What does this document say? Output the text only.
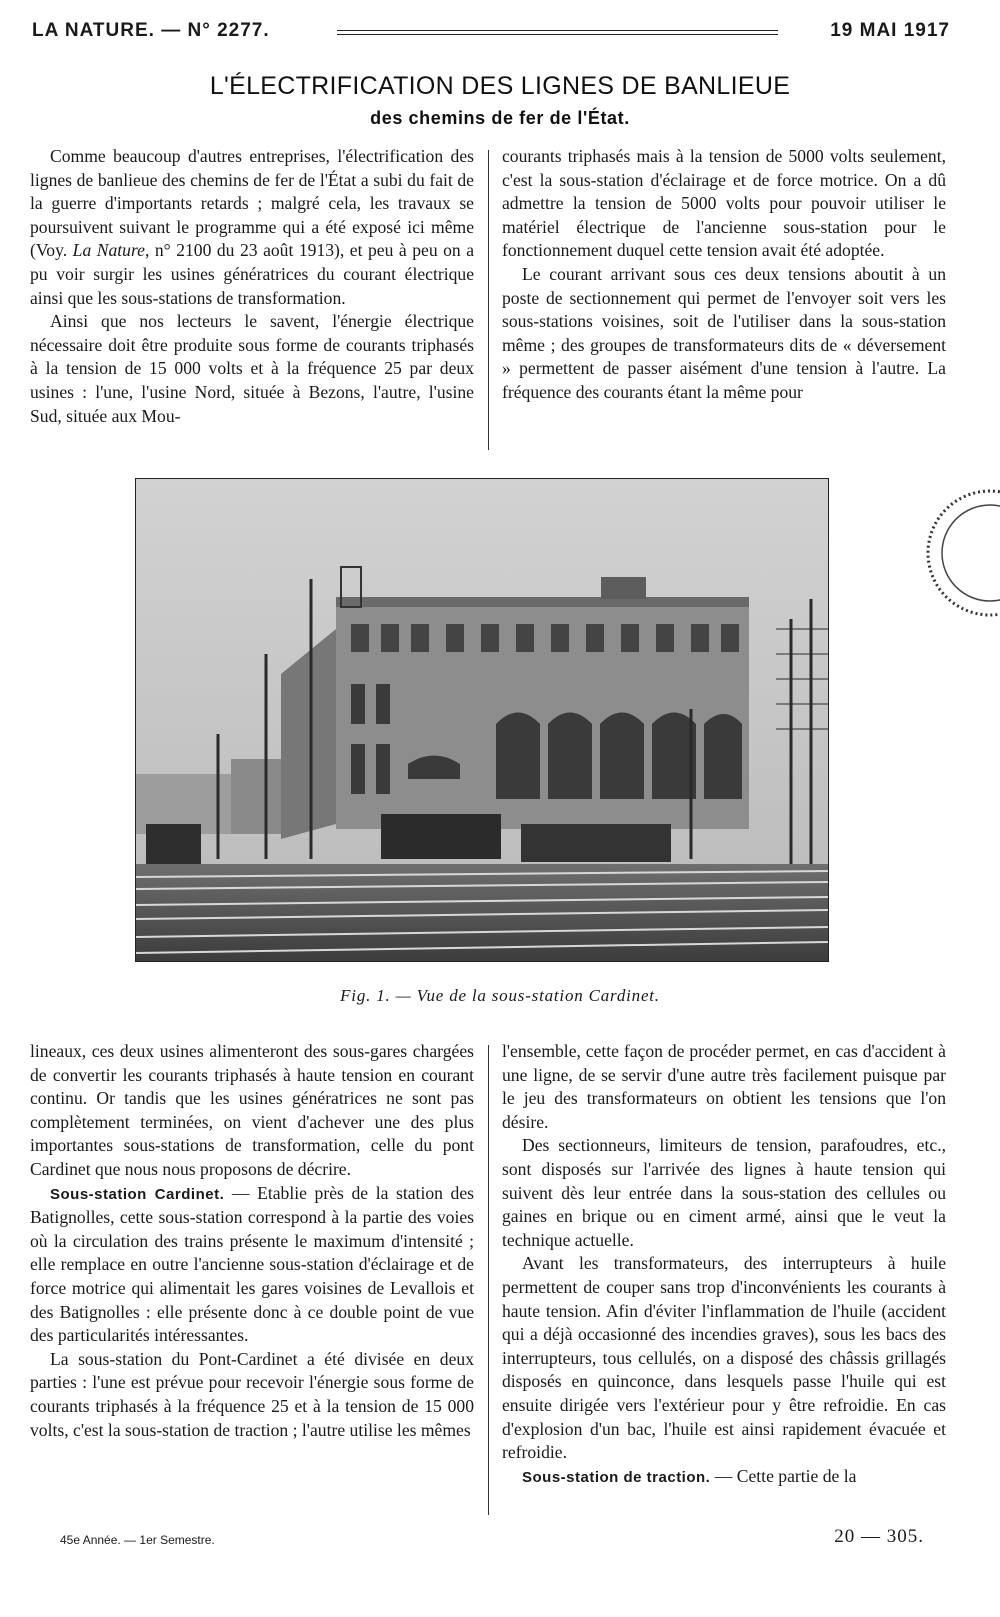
LA NATURE. — N° 2277.	19 MAI 1917
L'ÉLECTRIFICATION DES LIGNES DE BANLIEUE
des chemins de fer de l'État.

Comme beaucoup d'autres entreprises, l'électrification des lignes de banlieue des chemins de fer de l'État a subi du fait de la guerre d'importants retards ; malgré cela, les travaux se poursuivent suivant le programme qui a été exposé ici même (Voy. La Nature, n° 2100 du 23 août 1913), et peu à peu on a pu voir surgir les usines génératrices du courant électrique ainsi que les sous-stations de transformation.

Ainsi que nos lecteurs le savent, l'énergie électrique nécessaire doit être produite sous forme de courants triphasés à la tension de 15 000 volts et à la fréquence 25 par deux usines : l'une, l'usine Nord, située à Bezons, l'autre, l'usine Sud, située aux Mou-

courants triphasés mais à la tension de 5000 volts seulement, c'est la sous-station d'éclairage et de force motrice. On a dû admettre la tension de 5000 volts pour pouvoir utiliser le matériel électrique de l'ancienne sous-station pour le fonctionnement duquel cette tension avait été adoptée.

Le courant arrivant sous ces deux tensions aboutit à un poste de sectionnement qui permet de l'envoyer soit vers les sous-stations voisines, soit de l'utiliser dans la sous-station même ; des groupes de transformateurs dits de « déversement » permettent de passer aisément d'une tension à l'autre. La fréquence des courants étant la même pour

Fig. 1. — Vue de la sous-station Cardinet.

lineaux, ces deux usines alimenteront des sous-gares chargées de convertir les courants triphasés à haute tension en courant continu. Or tandis que les usines génératrices ne sont pas complètement terminées, on vient d'achever une des plus importantes sous-stations de transformation, celle du pont Cardinet que nous nous proposons de décrire.

Sous-station Cardinet. — Etablie près de la station des Batignolles, cette sous-station correspond à la partie des voies où la circulation des trains présente le maximum d'intensité ; elle remplace en outre l'ancienne sous-station d'éclairage et de force motrice qui alimentait les gares voisines de Levallois et des Batignolles : elle présente donc à ce double point de vue des particularités intéressantes.

La sous-station du Pont-Cardinet a été divisée en deux parties : l'une est prévue pour recevoir l'énergie sous forme de courants triphasés à la fréquence 25 et à la tension de 15 000 volts, c'est la sous-station de traction ; l'autre utilise les mêmes

l'ensemble, cette façon de procéder permet, en cas d'accident à une ligne, de se servir d'une autre très facilement puisque par le jeu des transformateurs on obtient les tensions que l'on désire.

Des sectionneurs, limiteurs de tension, parafoudres, etc., sont disposés sur l'arrivée des lignes à haute tension qui suivent dès leur entrée dans la sous-station des cellules ou gaines en brique ou en ciment armé, ainsi que le veut la technique actuelle.

Avant les transformateurs, des interrupteurs à huile permettent de couper sans trop d'inconvénients les courants à haute tension. Afin d'éviter l'inflammation de l'huile (accident qui a déjà occasionné des incendies graves), sous les bacs des interrupteurs, tous cellulés, on a disposé des châssis grillagés disposés en quinconce, dans lesquels passe l'huile qui est ensuite dirigée vers l'extérieur pour y être refroidie. En cas d'explosion d'un bac, l'huile est ainsi rapidement évacuée et refroidie.

Sous-station de traction. — Cette partie de la

45e Année. — 1er Semestre.	20 — 305.
